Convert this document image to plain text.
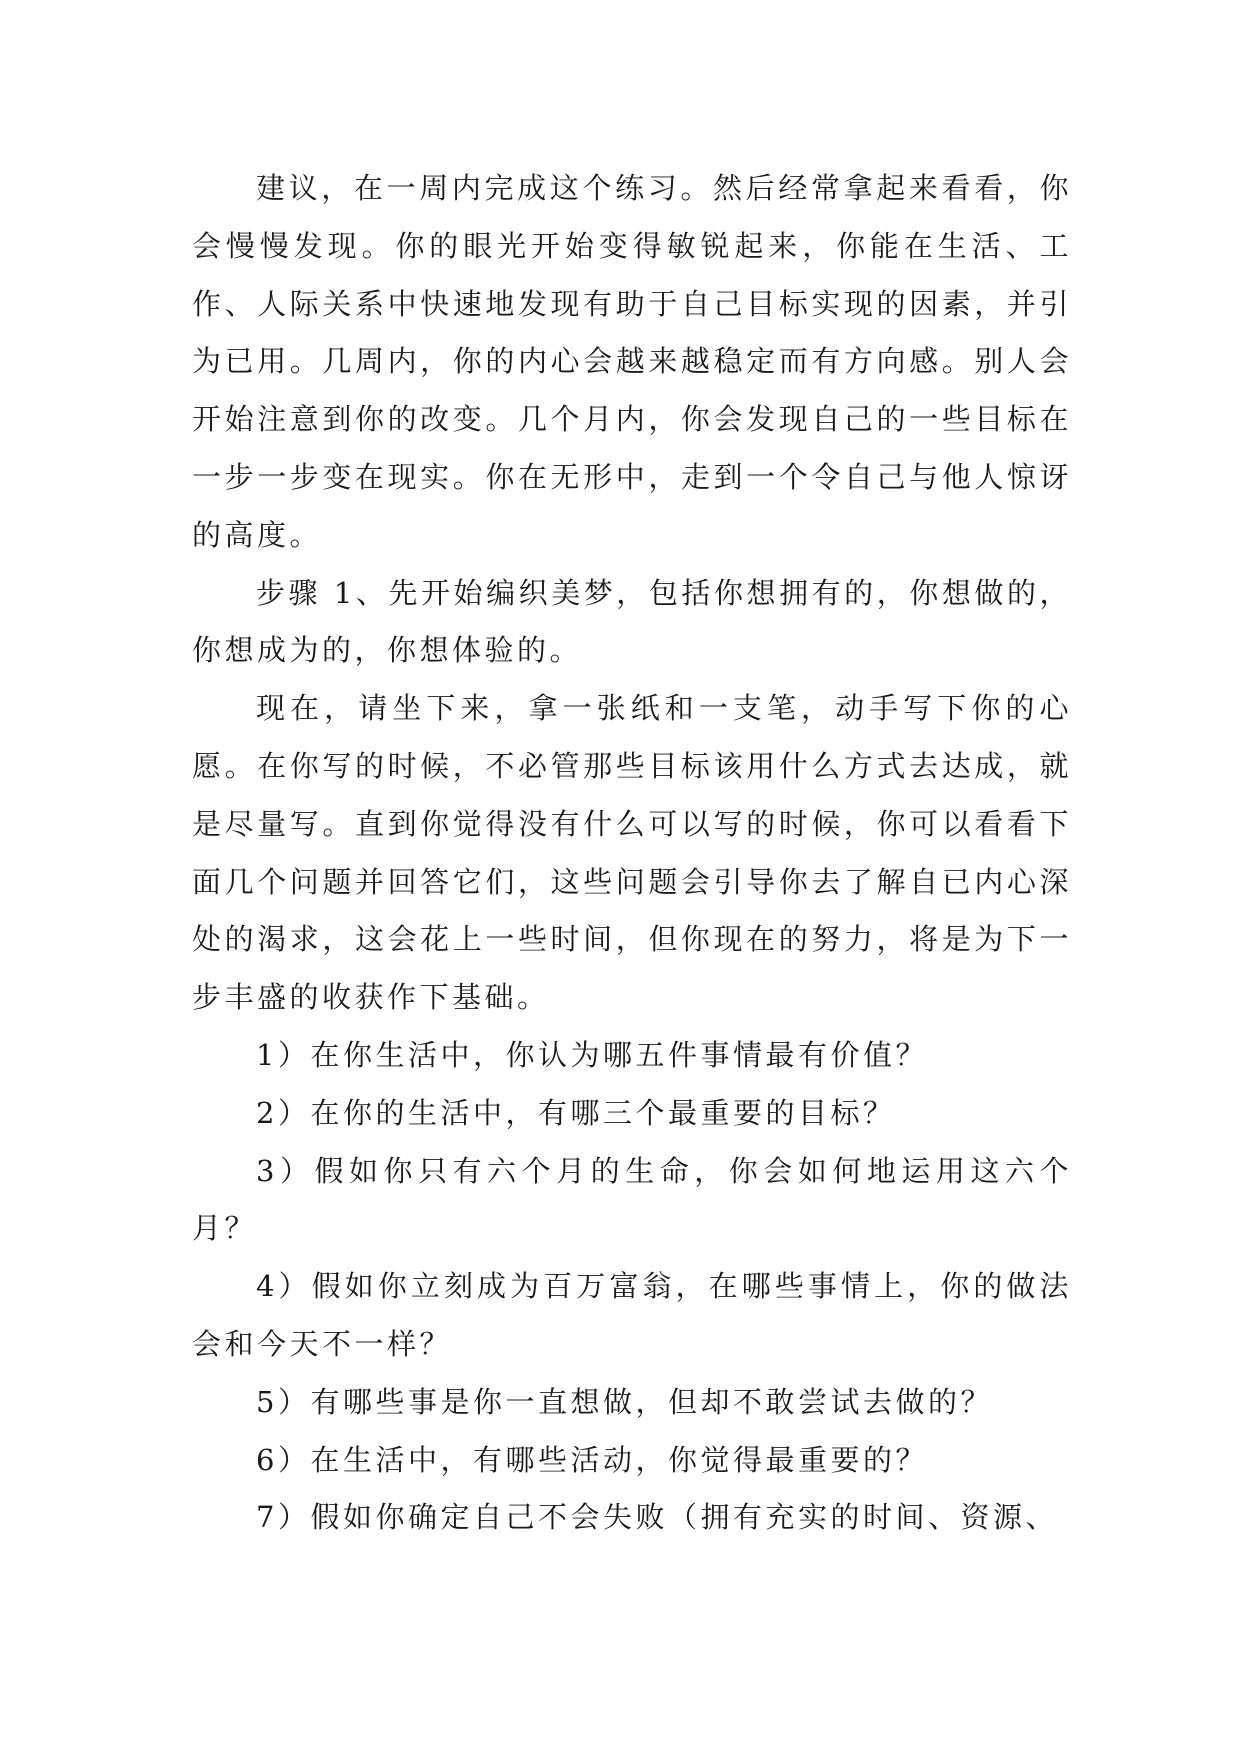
建议，在一周内完成这个练习。然后经常拿起来看看，你会慢慢发现。你的眼光开始变得敏锐起来，你能在生活、工作、人际关系中快速地发现有助于自己目标实现的因素，并引为已用。几周内，你的内心会越来越稳定而有方向感。别人会开始注意到你的改变。几个月内，你会发现自己的一些目标在一步一步变在现实。你在无形中，走到一个令自己与他人惊讶的高度。

步骤 1、先开始编织美梦，包括你想拥有的，你想做的，你想成为的，你想体验的。

现在，请坐下来，拿一张纸和一支笔，动手写下你的心愿。在你写的时候，不必管那些目标该用什么方式去达成，就是尽量写。直到你觉得没有什么可以写的时候，你可以看看下面几个问题并回答它们，这些问题会引导你去了解自已内心深处的渴求，这会花上一些时间，但你现在的努力，将是为下一步丰盛的收获作下基础。

1）在你生活中，你认为哪五件事情最有价值？

2）在你的生活中，有哪三个最重要的目标？

3）假如你只有六个月的生命，你会如何地运用这六个月？

4）假如你立刻成为百万富翁，在哪些事情上，你的做法会和今天不一样？

5）有哪些事是你一直想做，但却不敢尝试去做的？

6）在生活中，有哪些活动，你觉得最重要的？

7）假如你确定自己不会失败（拥有充实的时间、资源、
